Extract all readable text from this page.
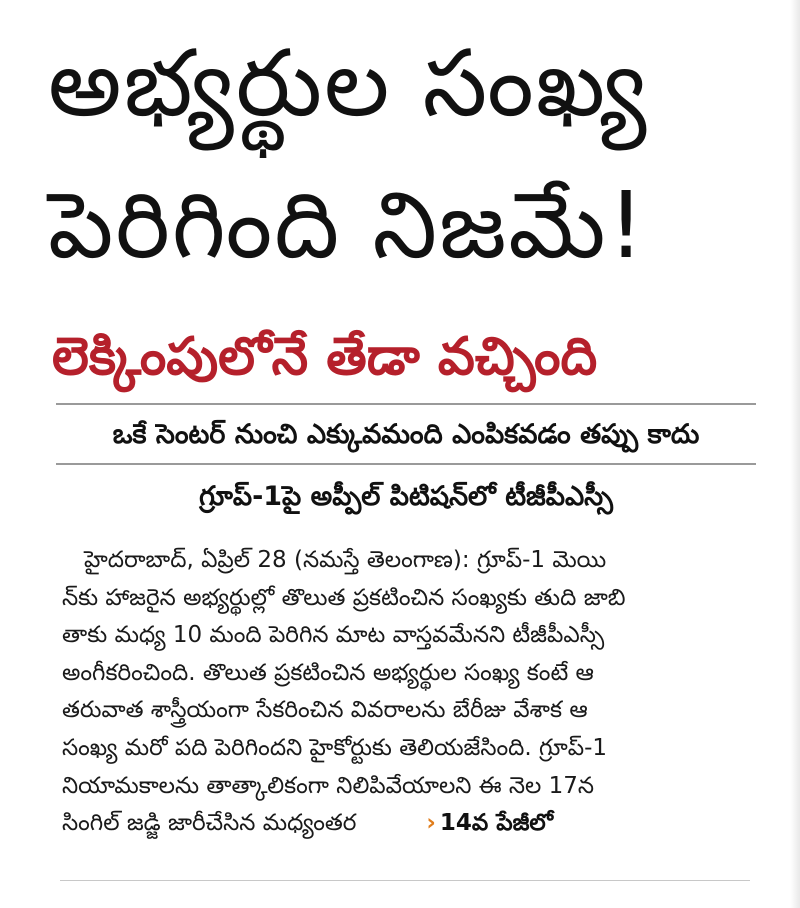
అభ్యర్థుల సంఖ్య
పెరిగింది నిజమే!
లెక్కింపులోనే తేడా వచ్చింది
ఒకే సెంటర్ నుంచి ఎక్కువమంది ఎంపికవడం తప్పు కాదు
గ్రూప్-1పై అప్పీల్ పిటిషన్‌లో టీజీపీఎస్సీ
హైదరాబాద్, ఏప్రిల్ 28 (నమస్తే తెలంగాణ): గ్రూప్-1 మెయి
న్‌కు హాజరైన అభ్యర్థుల్లో తొలుత ప్రకటించిన సంఖ్యకు తుది జాబి
తాకు మధ్య 10 మంది పెరిగిన మాట వాస్తవమేనని టీజీపీఎస్సీ
అంగీకరించింది. తొలుత ప్రకటించిన అభ్యర్థుల సంఖ్య కంటే ఆ
తరువాత శాస్త్రీయంగా సేకరించిన వివరాలను బేరీజు వేశాక ఆ
సంఖ్య మరో పది పెరిగిందని హైకోర్టుకు తెలియజేసింది. గ్రూప్-1
నియామకాలను తాత్కాలికంగా నిలిపివేయాలని ఈ నెల 17న
సింగిల్ జడ్జి జారీచేసిన మధ్యంతర	› 14వ పేజీలో
